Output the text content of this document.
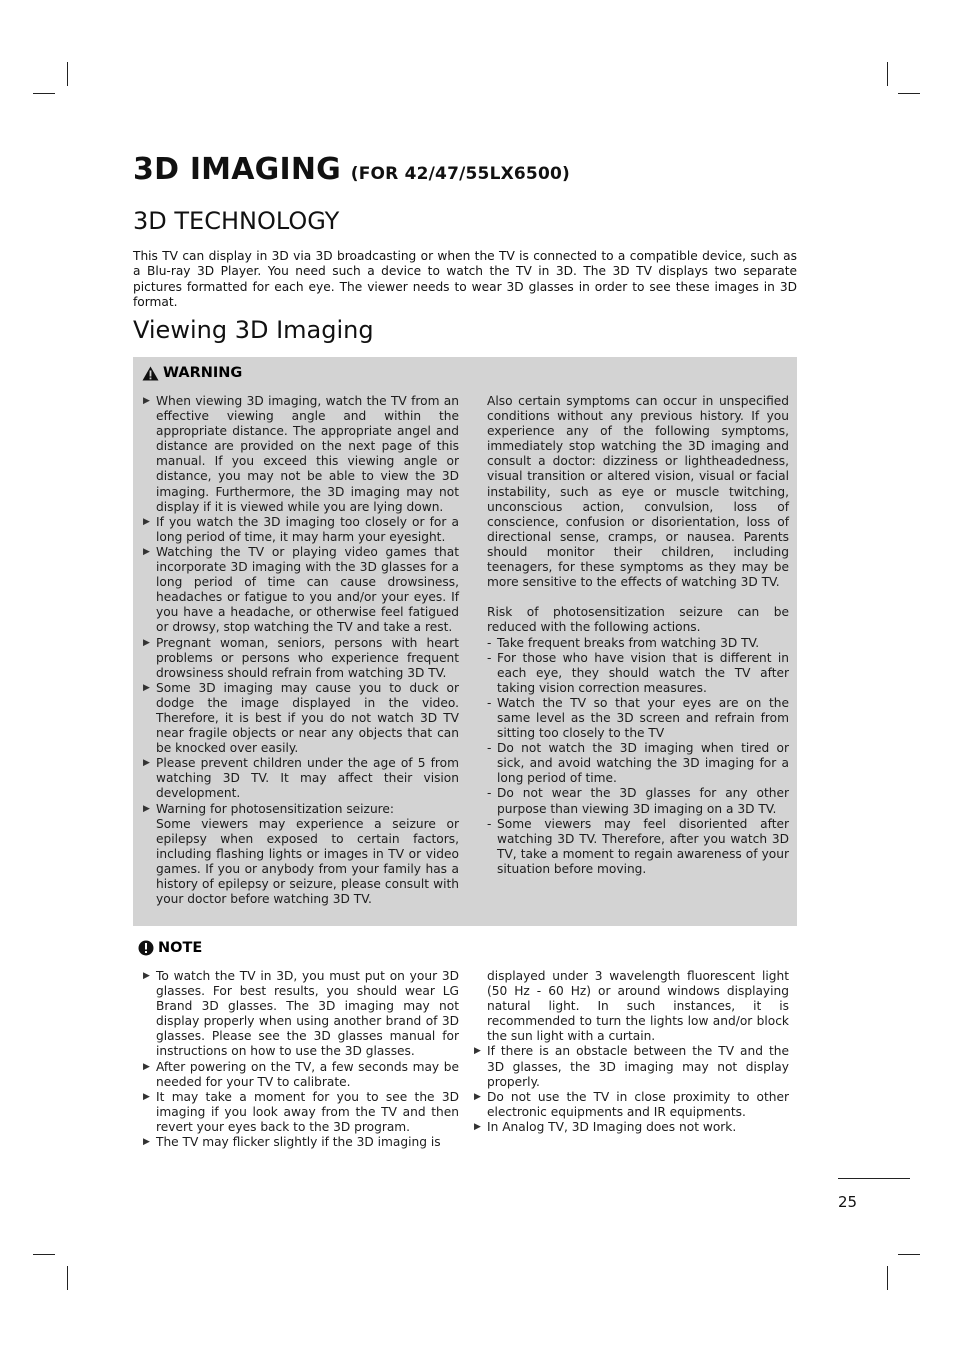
3D IMAGING (FOR 42/47/55LX6500)
3D TECHNOLOGY

This TV can display in 3D via 3D broadcasting or when the TV is connected to a compatible device, such as a Blu-ray 3D Player. You need such a device to watch the TV in 3D. The 3D TV displays two separate pictures formatted for each eye. The viewer needs to wear 3D glasses in order to see these images in 3D format.

Viewing 3D Imaging
WARNING
▶ When viewing 3D imaging, watch the TV from an effective viewing angle and within the appropriate distance. The appropriate angel and distance are provided on the next page of this manual. If you exceed this viewing angle or distance, you may not be able to view the 3D imaging. Furthermore, the 3D imaging may not display if it is viewed while you are lying down.
▶ If you watch the 3D imaging too closely or for a long period of time, it may harm your eyesight.
▶ Watching the TV or playing video games that incorporate 3D imaging with the 3D glasses for a long period of time can cause drowsiness, headaches or fatigue to you and/or your eyes. If you have a headache, or otherwise feel fatigued or drowsy, stop watching the TV and take a rest.
▶ Pregnant woman, seniors, persons with heart problems or persons who experience frequent drowsiness should refrain from watching 3D TV.
▶ Some 3D imaging may cause you to duck or dodge the image displayed in the video. Therefore, it is best if you do not watch 3D TV near fragile objects or near any objects that can be knocked over easily.
▶ Please prevent children under the age of 5 from watching 3D TV. It may affect their vision development.
▶ Warning for photosensitization seizure:
Some viewers may experience a seizure or epilepsy when exposed to certain factors, including flashing lights or images in TV or video games. If you or anybody from your family has a history of epilepsy or seizure, please consult with your doctor before watching 3D TV.

Also certain symptoms can occur in unspecified conditions without any previous history. If you experience any of the following symptoms, immediately stop watching the 3D imaging and consult a doctor: dizziness or lightheadedness, visual transition or altered vision, visual or facial instability, such as eye or muscle twitching, unconscious action, convulsion, loss of conscience, confusion or disorientation, loss of directional sense, cramps, or nausea. Parents should monitor their children, including teenagers, for these symptoms as they may be more sensitive to the effects of watching 3D TV.

Risk of photosensitization seizure can be reduced with the following actions.

- Take frequent breaks from watching 3D TV.
- For those who have vision that is different in each eye, they should watch the TV after taking vision correction measures.
- Watch the TV so that your eyes are on the same level as the 3D screen and refrain from sitting too closely to the TV
- Do not watch the 3D imaging when tired or sick, and avoid watching the 3D imaging for a long period of time.
- Do not wear the 3D glasses for any other purpose than viewing 3D imaging on a 3D TV.
- Some viewers may feel disoriented after watching 3D TV. Therefore, after you watch 3D TV, take a moment to regain awareness of your situation before moving.
NOTE
▶ To watch the TV in 3D, you must put on your 3D glasses. For best results, you should wear LG Brand 3D glasses. The 3D imaging may not display properly when using another brand of 3D glasses. Please see the 3D glasses manual for instructions on how to use the 3D glasses.
▶ After powering on the TV, a few seconds may be needed for your TV to calibrate.
▶ It may take a moment for you to see the 3D imaging if you look away from the TV and then revert your eyes back to the 3D program.
▶ The TV may flicker slightly if the 3D imaging is

displayed under 3 wavelength fluorescent light (50 Hz - 60 Hz) or around windows displaying natural light. In such instances, it is recommended to turn the lights low and/or block the sun light with a curtain.

▶ If there is an obstacle between the TV and the 3D glasses, the 3D imaging may not display properly.
▶ Do not use the TV in close proximity to other electronic equipments and IR equipments.
▶ In Analog TV, 3D Imaging does not work.
25
